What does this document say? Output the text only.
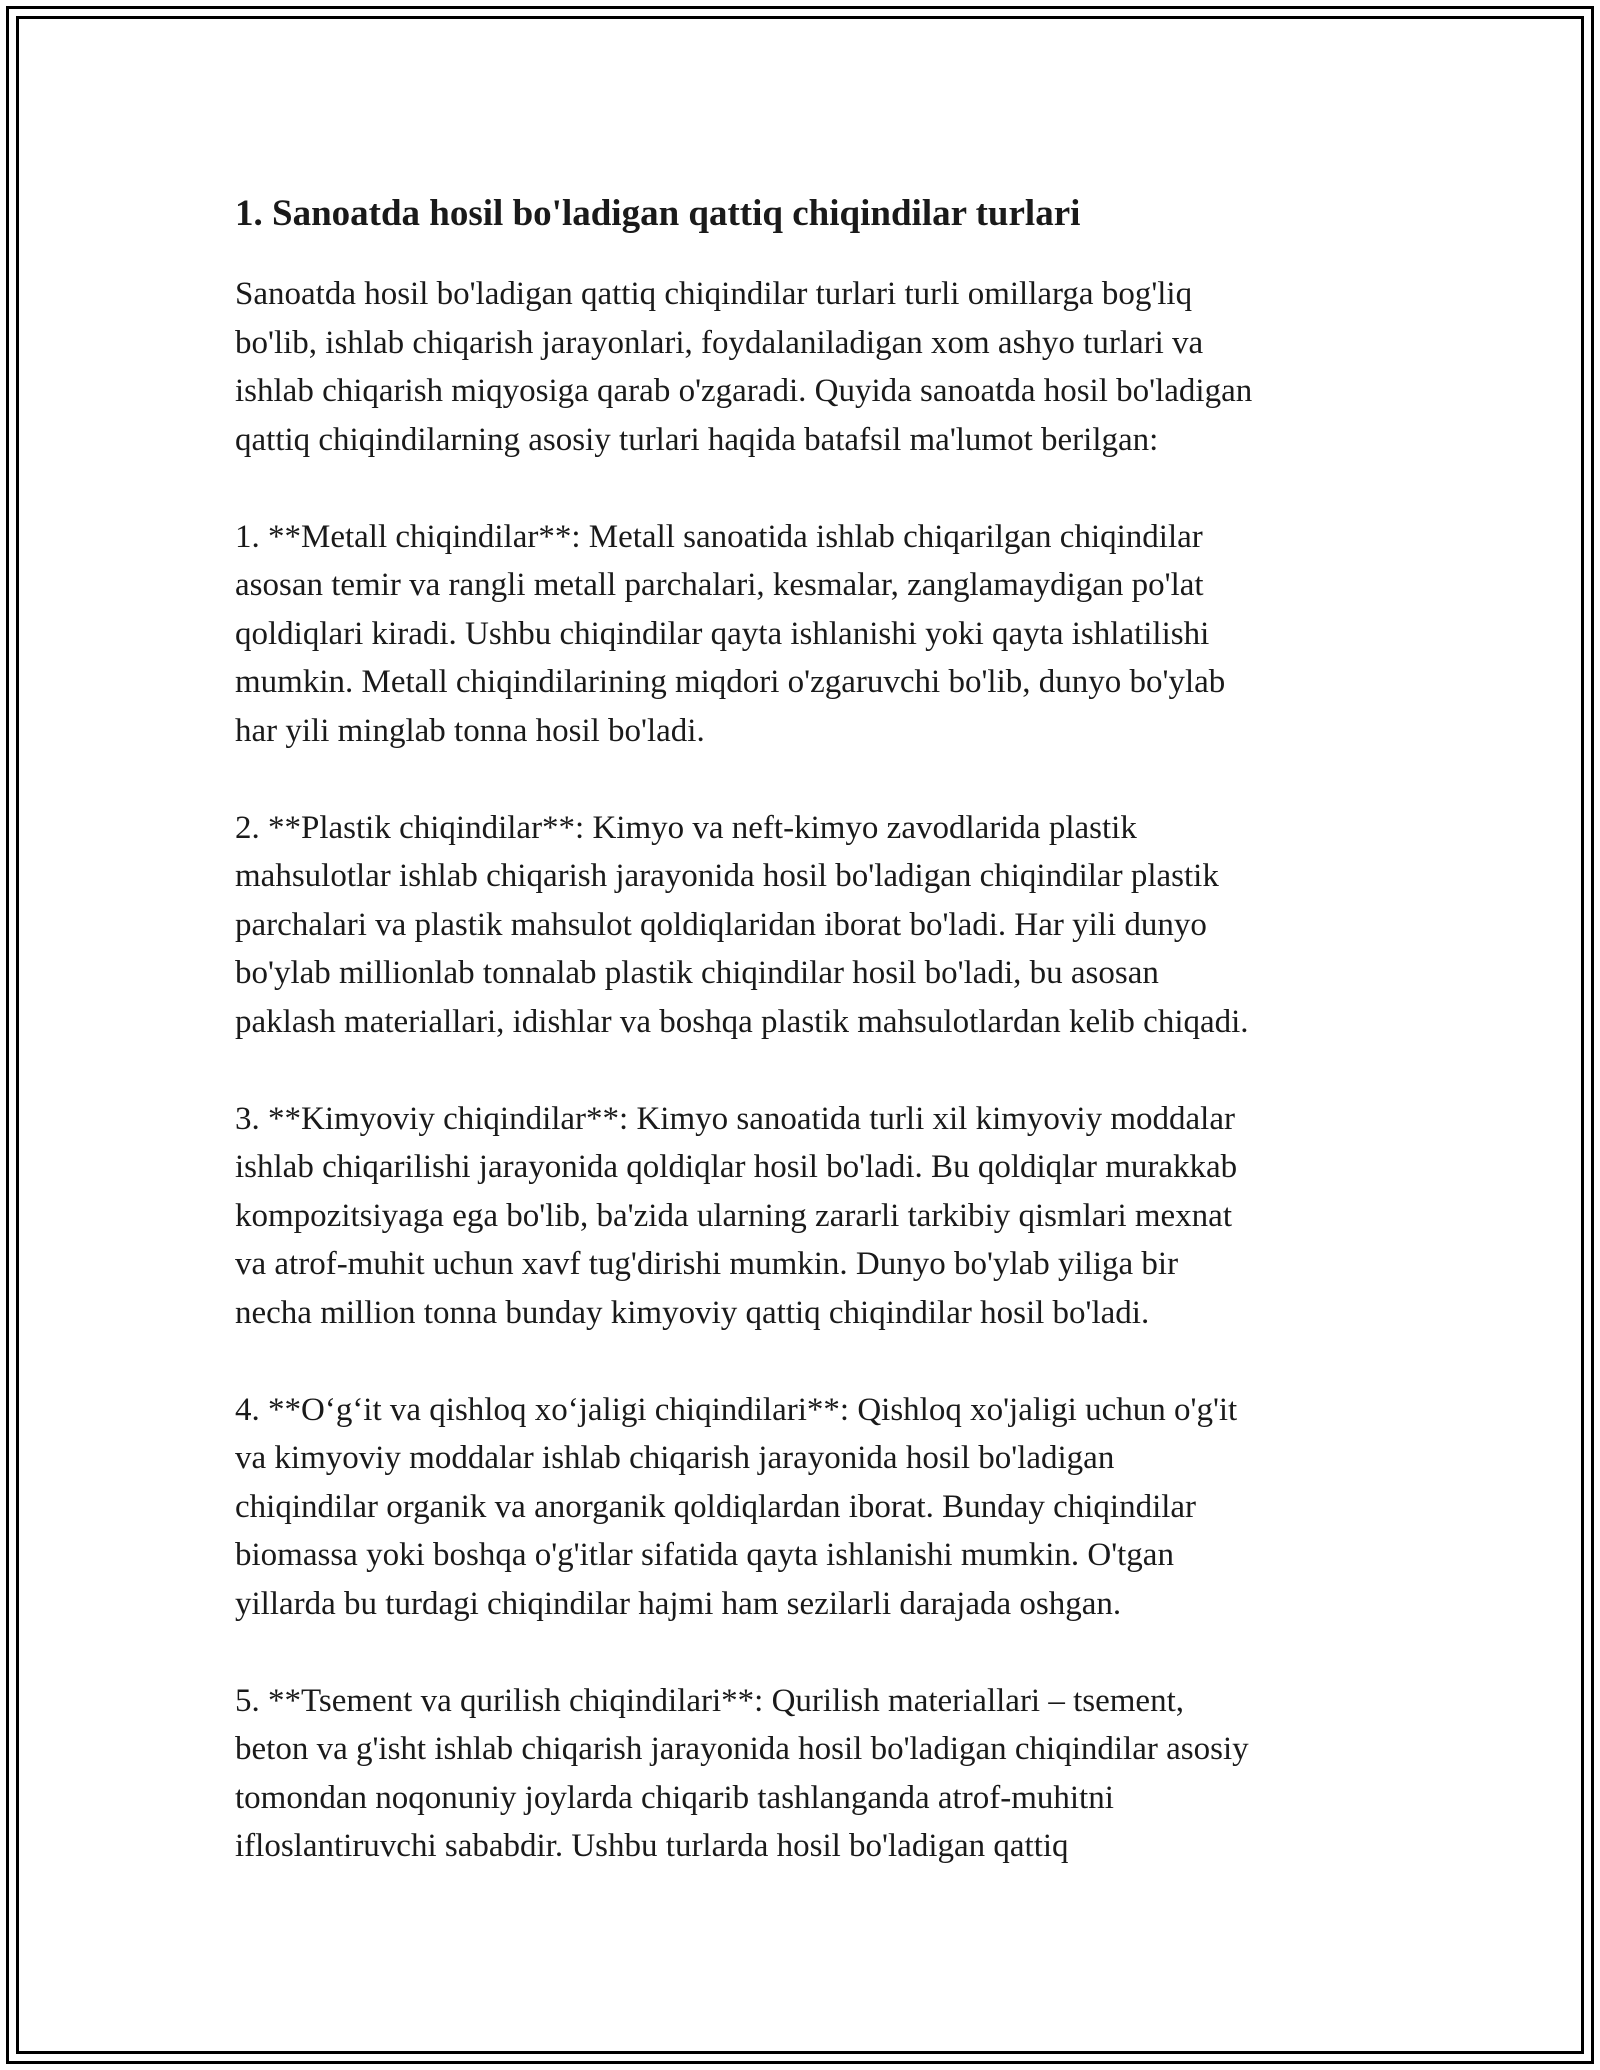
1. Sanoatda hosil bo'ladigan qattiq chiqindilar turlari

Sanoatda hosil bo'ladigan qattiq chiqindilar turlari turli omillarga bog'liq
bo'lib, ishlab chiqarish jarayonlari, foydalaniladigan xom ashyo turlari va
ishlab chiqarish miqyosiga qarab o'zgaradi. Quyida sanoatda hosil bo'ladigan
qattiq chiqindilarning asosiy turlari haqida batafsil ma'lumot berilgan:

1. **Metall chiqindilar**: Metall sanoatida ishlab chiqarilgan chiqindilar
asosan temir va rangli metall parchalari, kesmalar, zanglamaydigan po'lat
qoldiqlari kiradi. Ushbu chiqindilar qayta ishlanishi yoki qayta ishlatilishi
mumkin. Metall chiqindilarining miqdori o'zgaruvchi bo'lib, dunyo bo'ylab
har yili minglab tonna hosil bo'ladi.

2. **Plastik chiqindilar**: Kimyo va neft-kimyo zavodlarida plastik
mahsulotlar ishlab chiqarish jarayonida hosil bo'ladigan chiqindilar plastik
parchalari va plastik mahsulot qoldiqlaridan iborat bo'ladi. Har yili dunyo
bo'ylab millionlab tonnalab plastik chiqindilar hosil bo'ladi, bu asosan
paklash materiallari, idishlar va boshqa plastik mahsulotlardan kelib chiqadi.

3. **Kimyoviy chiqindilar**: Kimyo sanoatida turli xil kimyoviy moddalar
ishlab chiqarilishi jarayonida qoldiqlar hosil bo'ladi. Bu qoldiqlar murakkab
kompozitsiyaga ega bo'lib, ba'zida ularning zararli tarkibiy qismlari mexnat
va atrof-muhit uchun xavf tug'dirishi mumkin. Dunyo bo'ylab yiliga bir
necha million tonna bunday kimyoviy qattiq chiqindilar hosil bo'ladi.

4. **O‘g‘it va qishloq xo‘jaligi chiqindilari**: Qishloq xo'jaligi uchun o'g'it
va kimyoviy moddalar ishlab chiqarish jarayonida hosil bo'ladigan
chiqindilar organik va anorganik qoldiqlardan iborat. Bunday chiqindilar
biomassa yoki boshqa o'g'itlar sifatida qayta ishlanishi mumkin. O'tgan
yillarda bu turdagi chiqindilar hajmi ham sezilarli darajada oshgan.

5. **Tsement va qurilish chiqindilari**: Qurilish materiallari – tsement,
beton va g'isht ishlab chiqarish jarayonida hosil bo'ladigan chiqindilar asosiy
tomondan noqonuniy joylarda chiqarib tashlanganda atrof-muhitni
ifloslantiruvchi sababdir. Ushbu turlarda hosil bo'ladigan qattiq
